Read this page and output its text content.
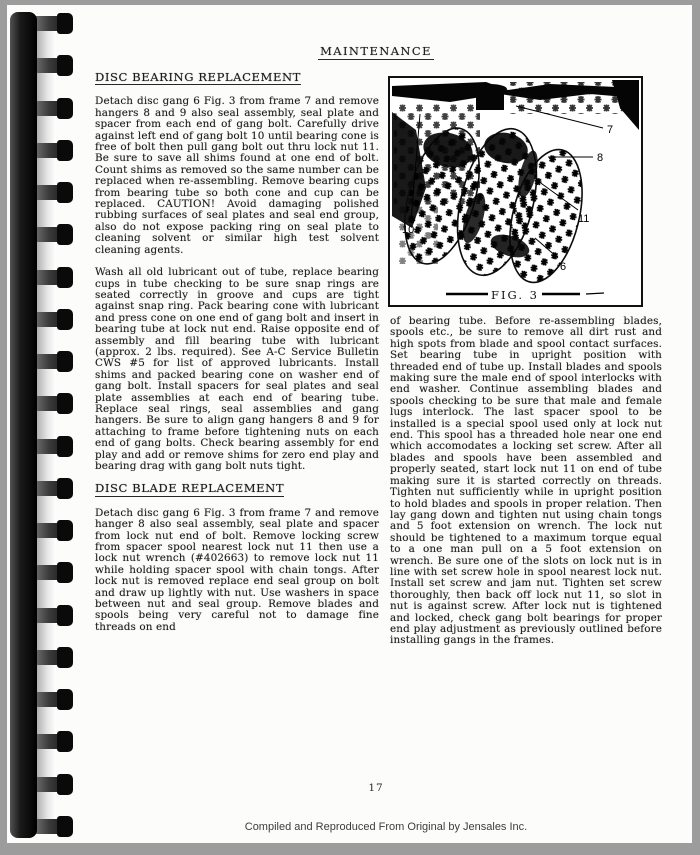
MAINTENANCE
DISC BEARING REPLACEMENT

Detach disc gang 6 Fig. 3 from frame 7 and remove hangers 8 and 9 also seal assembly, seal plate and spacer from each end of gang bolt. Carefully drive against left end of gang bolt 10 until bearing cone is free of bolt then pull gang bolt out thru lock nut 11. Be sure to save all shims found at one end of bolt. Count shims as removed so the same number can be replaced when re-assembling. Remove bearing cups from bearing tube so both cone and cup can be replaced. CAUTION! Avoid damaging polished rubbing surfaces of seal plates and seal end group, also do not expose packing ring on seal plate to cleaning solvent or similar high test solvent cleaning agents.

Wash all old lubricant out of tube, replace bearing cups in tube checking to be sure snap rings are seated correctly in groove and cups are tight against snap ring. Pack bearing cone with lubricant and press cone on one end of gang bolt and insert in bearing tube at lock nut end. Raise opposite end of assembly and fill bearing tube with lubricant (approx. 2 lbs. required). See A-C Service Bulletin CWS #5 for list of approved lubricants. Install shims and packed bearing cone on washer end of gang bolt. Install spacers for seal plates and seal plate assemblies at each end of bearing tube. Replace seal rings, seal assemblies and gang hangers. Be sure to align gang hangers 8 and 9 for attaching to frame before tightening nuts on each end of gang bolts. Check bearing assembly for end play and add or remove shims for zero end play and bearing drag with gang bolt nuts tight.

DISC BLADE REPLACEMENT

Detach disc gang 6 Fig. 3 from frame 7 and remove hanger 8 also seal assembly, seal plate and spacer from lock nut end of bolt. Remove locking screw from spacer spool nearest lock nut 11 then use a lock nut wrench (#402663) to remove lock nut 11 while holding spacer spool with chain tongs. After lock nut is removed replace end seal group on bolt and draw up lightly with nut. Use washers in space between nut and seal group. Remove blades and spools being very careful not to damage fine threads on end

7
8
11
10
6
FIG. 3

of bearing tube. Before re-assembling blades, spools etc., be sure to remove all dirt rust and high spots from blade and spool contact surfaces. Set bearing tube in upright position with threaded end of tube up. Install blades and spools making sure the male end of spool interlocks with end washer. Continue assembling blades and spools checking to be sure that male and female lugs interlock. The last spacer spool to be installed is a special spool used only at lock nut end. This spool has a threaded hole near one end which accomodates a locking set screw. After all blades and spools have been assembled and properly seated, start lock nut 11 on end of tube making sure it is started correctly on threads. Tighten nut sufficiently while in upright position to hold blades and spools in proper relation. Then lay gang down and tighten nut using chain tongs and 5 foot extension on wrench. The lock nut should be tightened to a maximum torque equal to a one man pull on a 5 foot extension on wrench. Be sure one of the slots on lock nut is in line with set screw hole in spool nearest lock nut. Install set screw and jam nut. Tighten set screw thoroughly, then back off lock nut 11, so slot in nut is against screw. After lock nut is tightened and locked, check gang bolt bearings for proper end play adjustment as previously outlined before installing gangs in the frames.

17
Compiled and Reproduced From Original by Jensales Inc.
